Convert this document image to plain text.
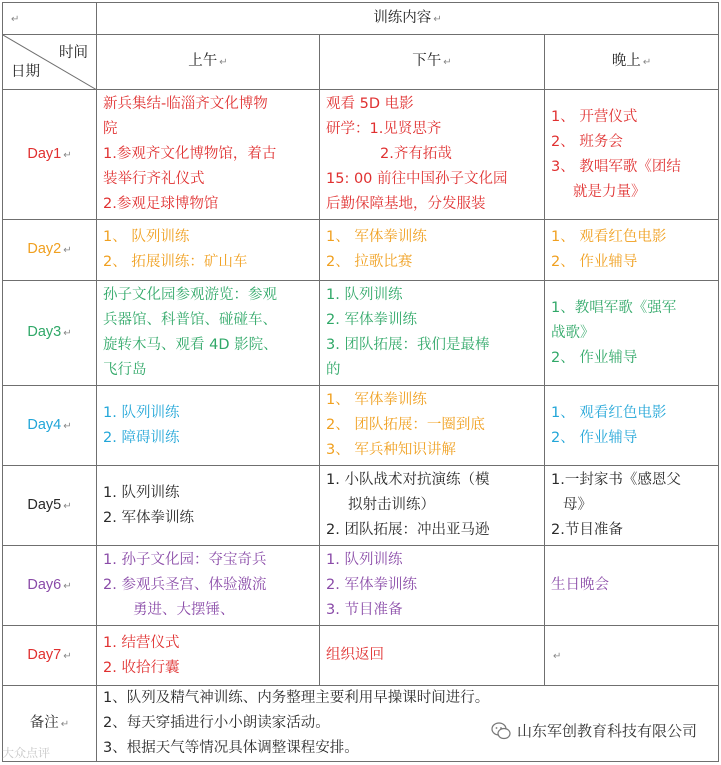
↵	训练内容 ↵		

时间
日期	上午 ↵	下午 ↵	晚上 ↵
Day1 ↵	新兵集结-临淄齐文化博物
院
1.参观齐文化博物馆，着古
装举行齐礼仪式
2.参观足球博物馆	观看 5D 电影
研学：1.见贤思齐
2.齐有拓哉
15: 00 前往中国孙子文化园
后勤保障基地，分发服装	1、 开营仪式
2、 班务会
3、 教唱军歌《团结
就是力量》

Day2 ↵	1、 队列训练
2、 拓展训练：矿山车	1、 军体拳训练
2、 拉歌比赛	1、 观看红色电影
2、 作业辅导

Day3 ↵	孙子文化园参观游览：参观
兵器馆、科普馆、碰碰车、
旋转木马、观看 4D 影院、
飞行岛	1. 队列训练
2. 军体拳训练
3. 团队拓展：我们是最棒
的	1、教唱军歌《强军
战歌》
2、 作业辅导

Day4 ↵	1. 队列训练
2. 障碍训练	1、 军体拳训练
2、 团队拓展：一圈到底
3、 军兵种知识讲解	1、 观看红色电影
2、 作业辅导

Day5 ↵	1. 队列训练
2. 军体拳训练	1. 小队战术对抗演练（模
拟射击训练）
2. 团队拓展：冲出亚马逊	1.一封家书《感恩父
母》
2.节目准备

Day6 ↵	1. 孙子文化园：夺宝奇兵
2. 参观兵圣宫、体验激流
勇进、大摆锤、	1. 队列训练
2. 军体拳训练
3. 节目准备	生日晚会

Day7 ↵	1. 结营仪式
2. 收拾行囊	组织返回	↵
备注 ↵	1、队列及精气神训练、内务整理主要利用早操课时间进行。
2、每天穿插进行小小朗读家活动。
3、根据天气等情况具体调整课程安排。		
大众点评
山东军创教育科技有限公司
